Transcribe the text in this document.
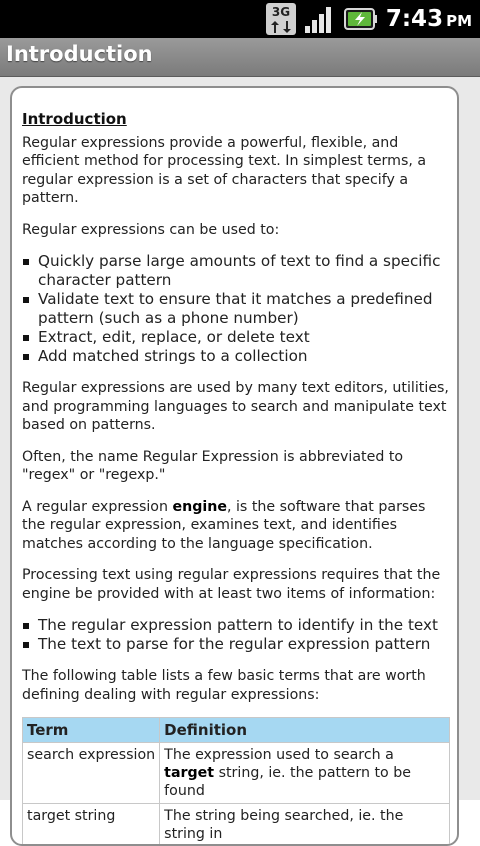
3G	7:43 PM
Introduction
Introduction

Regular expressions provide a powerful, flexible, and efficient method for processing text. In simplest terms, a regular expression is a set of characters that specify a pattern.

Regular expressions can be used to:

Quickly parse large amounts of text to find a specific character pattern
Validate text to ensure that it matches a predefined pattern (such as a phone number)
Extract, edit, replace, or delete text
Add matched strings to a collection

Regular expressions are used by many text editors, utilities, and programming languages to search and manipulate text based on patterns.

Often, the name Regular Expression is abbreviated to "regex" or "regexp."

A regular expression engine, is the software that parses the regular expression, examines text, and identifies matches according to the language specification.

Processing text using regular expressions requires that the engine be provided with at least two items of information:

The regular expression pattern to identify in the text
The text to parse for the regular expression pattern

The following table lists a few basic terms that are worth defining dealing with regular expressions:

Term	Definition
search expression	The expression used to search a target string, ie. the pattern to be found
target string	The string being searched, ie. the string in
